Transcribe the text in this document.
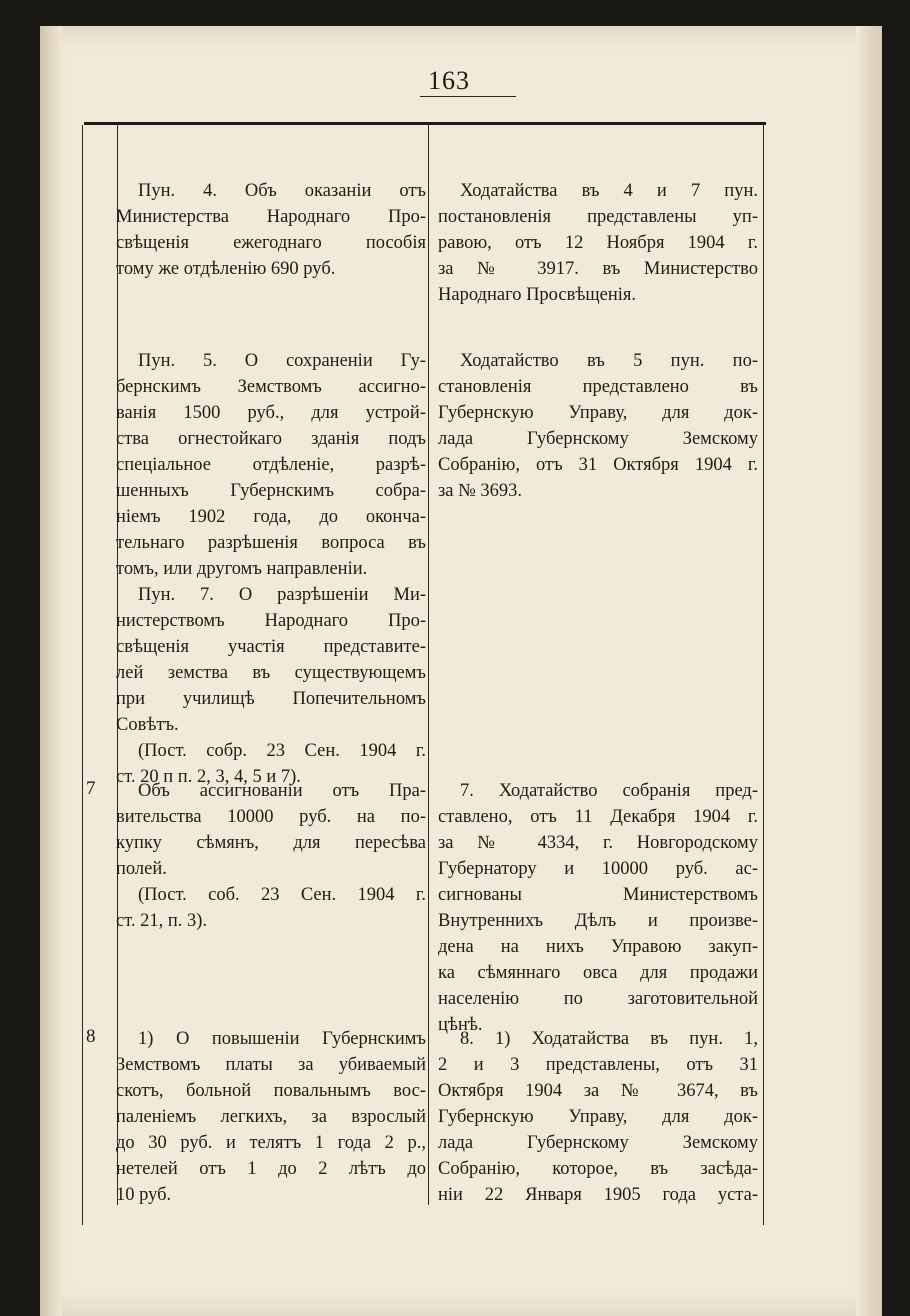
163
Пун. 4. Объ оказаніи отъ
Министерства Народнаго Про-
свѣщенія ежегоднаго пособія
тому же отдѣленію 690 руб.
Ходатайства въ 4 и 7 пун.
постановленія представлены уп-
равою, отъ 12 Ноября 1904 г.
за № 3917. въ Министерство
Народнаго Просвѣщенія.
Пун. 5. О сохраненіи Гу-
бернскимъ Земствомъ ассигно-
ванія 1500 руб., для устрой-
ства огнестойкаго зданія подъ
спеціальное отдѣленіе, разрѣ-
шенныхъ Губернскимъ собра-
ніемъ 1902 года, до оконча-
тельнаго разрѣшенія вопроса въ
томъ, или другомъ направленіи.
Пун. 7. О разрѣшеніи Ми-
нистерствомъ Народнаго Про-
свѣщенія участія представите-
лей земства въ существующемъ
при училищѣ Попечительномъ
Совѣтъ.
(Пост. собр. 23 Сен. 1904 г.
ст. 20 п п. 2, 3, 4, 5 и 7).
Ходатайство въ 5 пун. по-
становленія представлено въ
Губернскую Управу, для док-
лада Губернскому Земскому
Собранію, отъ 31 Октября 1904 г.
за № 3693.
7	Объ ассигнованіи отъ Пра-
вительства 10000 руб. на по-
купку сѣмянъ, для пересѣва
полей.
(Пост. соб. 23 Сен. 1904 г.
ст. 21, п. 3).
7. Ходатайство собранія пред-
ставлено, отъ 11 Декабря 1904 г.
за № 4334, г. Новгородскому
Губернатору и 10000 руб. ас-
сигнованы Министерствомъ
Внутреннихъ Дѣлъ и произве-
дена на нихъ Управою закуп-
ка сѣмяннаго овса для продажи
населенію по заготовительной
цѣнѣ.
8	1) О повышеніи Губернскимъ
Земствомъ платы за убиваемый
скотъ, больной повальнымъ вос-
паленіемъ легкихъ, за взрослый
до 30 руб. и телятъ 1 года 2 р.,
нетелей отъ 1 до 2 лѣтъ до
10 руб.
8. 1) Ходатайства въ пун. 1,
2 и 3 представлены, отъ 31
Октября 1904 за № 3674, въ
Губернскую Управу, для док-
лада Губернскому Земскому
Собранію, которое, въ засѣда-
ніи 22 Января 1905 года уста-
